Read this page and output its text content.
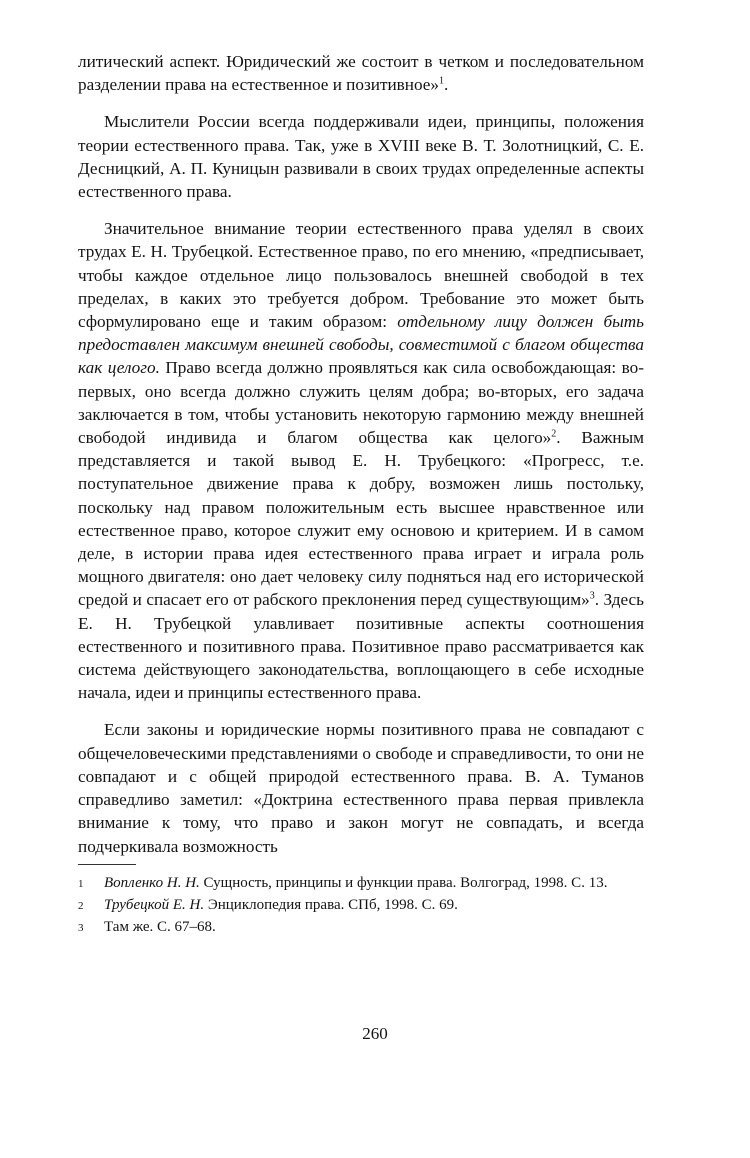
литический аспект. Юридический же состоит в четком и последовательном разделении права на естественное и позитивное»$^1$.

Мыслители России всегда поддерживали идеи, принципы, положения теории естественного права. Так, уже в XVIII веке В. Т. Золотницкий, С. Е. Десницкий, А. П. Куницын развивали в своих трудах определенные аспекты естественного права.

Значительное внимание теории естественного права уделял в своих трудах Е. Н. Трубецкой. Естественное право, по его мнению, «предписывает, чтобы каждое отдельное лицо пользовалось внешней свободой в тех пределах, в каких это требуется добром. Требование это может быть сформулировано еще и таким образом: отдельному лицу должен быть предоставлен максимум внешней свободы, совместимой с благом общества как целого. Право всегда должно проявляться как сила освобождающая: во-первых, оно всегда должно служить целям добра; во-вторых, его задача заключается в том, чтобы установить некоторую гармонию между внешней свободой индивида и благом общества как целого»$^2$. Важным представляется и такой вывод Е. Н. Трубецкого: «Прогресс, т.е. поступательное движение права к добру, возможен лишь постольку, поскольку над правом положительным есть высшее нравственное или естественное право, которое служит ему основою и критерием. И в самом деле, в истории права идея естественного права играет и играла роль мощного двигателя: оно дает человеку силу подняться над его исторической средой и спасает его от рабского преклонения перед существующим»$^3$. Здесь Е. Н. Трубецкой улавливает позитивные аспекты соотношения естественного и позитивного права. Позитивное право рассматривается как система действующего законодательства, воплощающего в себе исходные начала, идеи и принципы естественного права.

Если законы и юридические нормы позитивного права не совпадают с общечеловеческими представлениями о свободе и справедливости, то они не совпадают и с общей природой естественного права. В. А. Туманов справедливо заметил: «Доктрина естественного права первая привлекла внимание к тому, что право и закон могут не совпадать, и всегда подчеркивала возможность

1	Воnленко Н. Н. Сущность, принципы и функции права. Волгоград, 1998. С. 13.
2	Трубецкой Е. Н. Энциклопедия права. СПб, 1998. С. 69.
3	Там же. С. 67–68.
260
